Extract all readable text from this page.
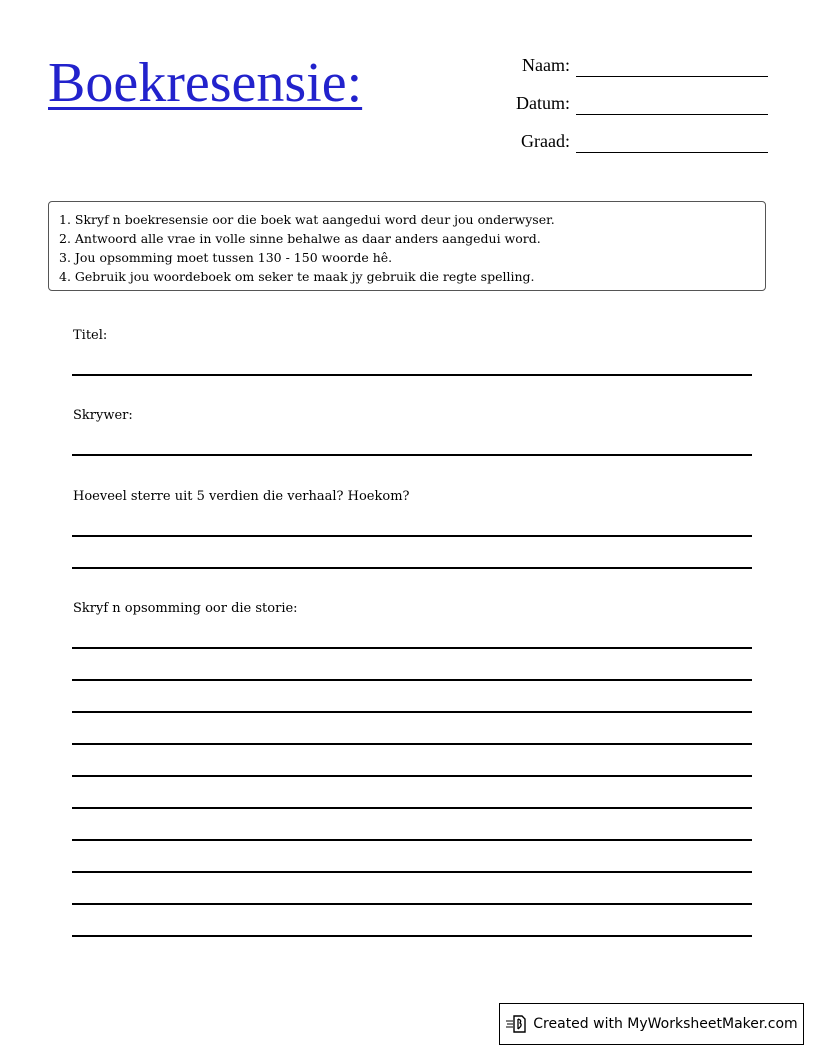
Boekresensie:	Naam:
Datum:
Graad:
1. Skryf n boekresensie oor die boek wat aangedui word deur jou onderwyser.
2. Antwoord alle vrae in volle sinne behalwe as daar anders aangedui word.
3. Jou opsomming moet tussen 130 - 150 woorde hê.
4. Gebruik jou woordeboek om seker te maak jy gebruik die regte spelling.
Titel:
Skrywer:
Hoeveel sterre uit 5 verdien die verhaal? Hoekom?
Skryf n opsomming oor die storie:
Created with MyWorksheetMaker.com
